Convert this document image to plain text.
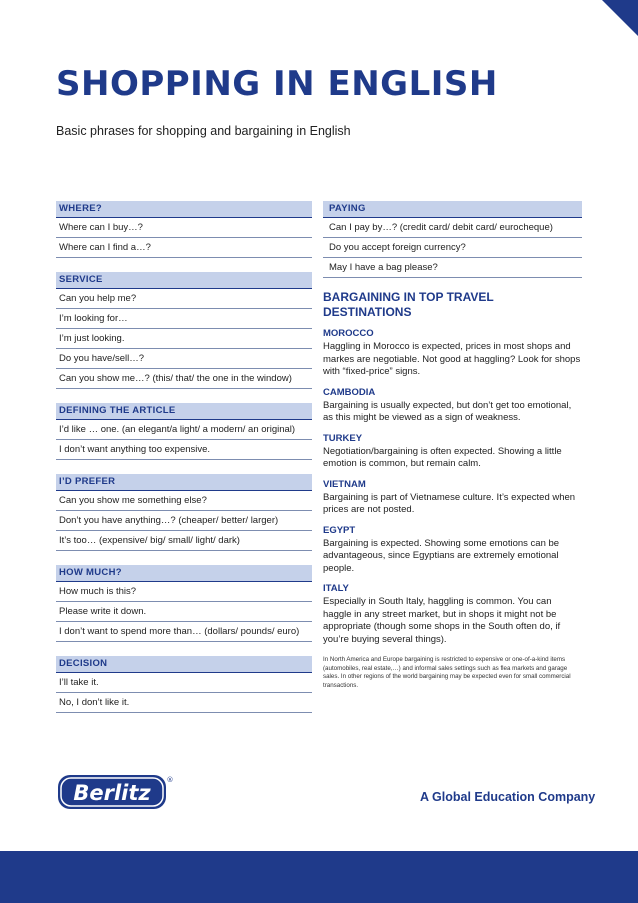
SHOPPING IN ENGLISH
Basic phrases for shopping and bargaining in English
WHERE?
Where can I buy…?
Where can I find a…?
SERVICE
Can you help me?
I’m looking for…
I’m just looking.
Do you have/sell…?
Can you show me…? (this/ that/ the one in the window)
DEFINING THE ARTICLE
I’d like … one. (an elegant/a light/ a modern/ an original)
I don’t want anything too expensive.
I’D PREFER
Can you show me something else?
Don’t you have anything…? (cheaper/ better/ larger)
It’s too… (expensive/ big/ small/ light/ dark)
HOW MUCH?
How much is this?
Please write it down.
I don’t want to spend more than… (dollars/ pounds/ euro)
DECISION
I’ll take it.
No, I don’t like it.
PAYING
Can I pay by…? (credit card/ debit card/ eurocheque)
Do you accept foreign currency?
May I have a bag please?
BARGAINING IN TOP TRAVEL DESTINATIONS
MOROCCO
Haggling in Morocco is expected, prices in most shops and markes are negotiable. Not good at haggling? Look for shops with “fixed-price” signs.
CAMBODIA
Bargaining is usually expected, but don’t get too emotional, as this might be viewed as a sign of weakness.
TURKEY
Negotiation/bargaining is often expected. Showing a little emotion is common, but remain calm.
VIETNAM
Bargaining is part of Vietnamese culture. It’s expected when prices are not posted.
EGYPT
Bargaining is expected. Showing some emotions can be advantageous, since Egyptians are extremely emotional people.
ITALY
Especially in South Italy, haggling is common. You can haggle in any street market, but in shops it might not be appropriate (though some shops in the South often do, if you’re buying several things).
In North America and Europe bargaining is restricted to expensive or one-of-a-kind items (automobiles, real estate,…) and informal sales settings such as flea markets and garage sales. In other regions of the world bargaining may be expected even for small commercial transactions.
Berlitz
®
A Global Education Company
